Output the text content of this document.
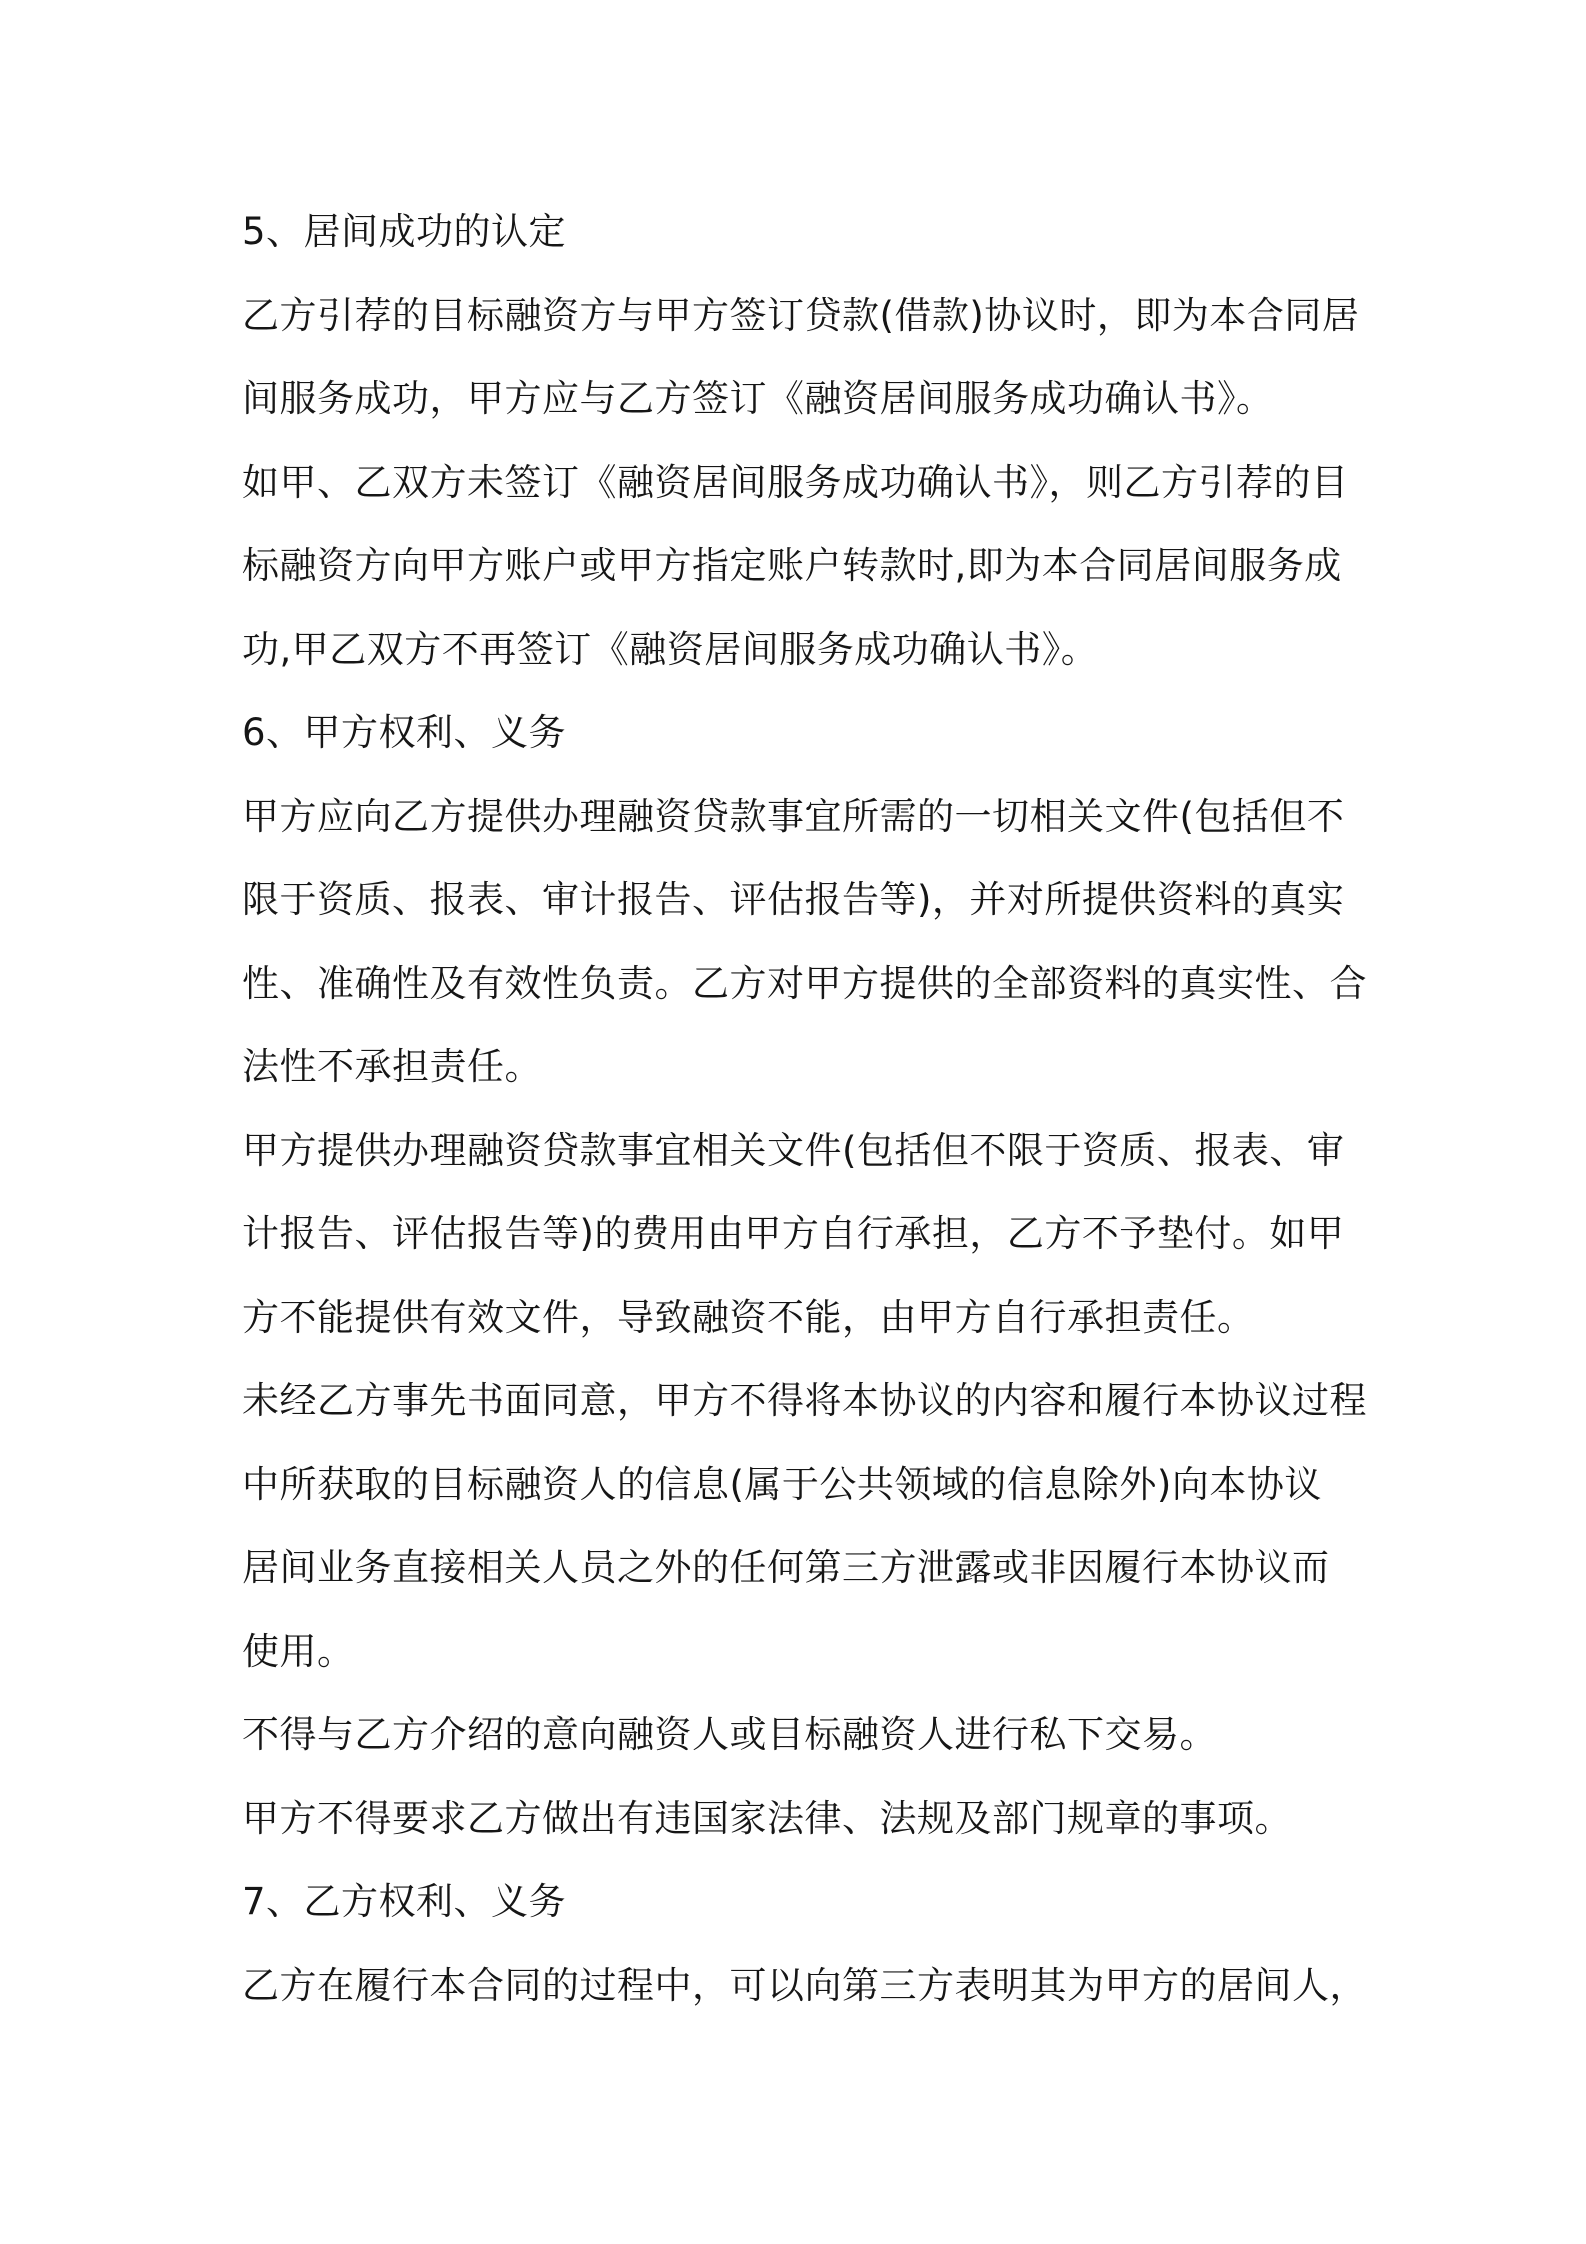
5、居间成功的认定
乙方引荐的目标融资方与甲方签订贷款(借款)协议时，即为本合同居
间服务成功，甲方应与乙方签订《融资居间服务成功确认书》。
如甲、乙双方未签订《融资居间服务成功确认书》，则乙方引荐的目
标融资方向甲方账户或甲方指定账户转款时,即为本合同居间服务成
功,甲乙双方不再签订《融资居间服务成功确认书》。
6、甲方权利、义务
甲方应向乙方提供办理融资贷款事宜所需的一切相关文件(包括但不
限于资质、报表、审计报告、评估报告等)，并对所提供资料的真实
性、准确性及有效性负责。乙方对甲方提供的全部资料的真实性、合
法性不承担责任。
甲方提供办理融资贷款事宜相关文件(包括但不限于资质、报表、审
计报告、评估报告等)的费用由甲方自行承担，乙方不予垫付。如甲
方不能提供有效文件，导致融资不能，由甲方自行承担责任。
未经乙方事先书面同意，甲方不得将本协议的内容和履行本协议过程
中所获取的目标融资人的信息(属于公共领域的信息除外)向本协议
居间业务直接相关人员之外的任何第三方泄露或非因履行本协议而
使用。
不得与乙方介绍的意向融资人或目标融资人进行私下交易。
甲方不得要求乙方做出有违国家法律、法规及部门规章的事项。
7、乙方权利、义务
乙方在履行本合同的过程中，可以向第三方表明其为甲方的居间人，
